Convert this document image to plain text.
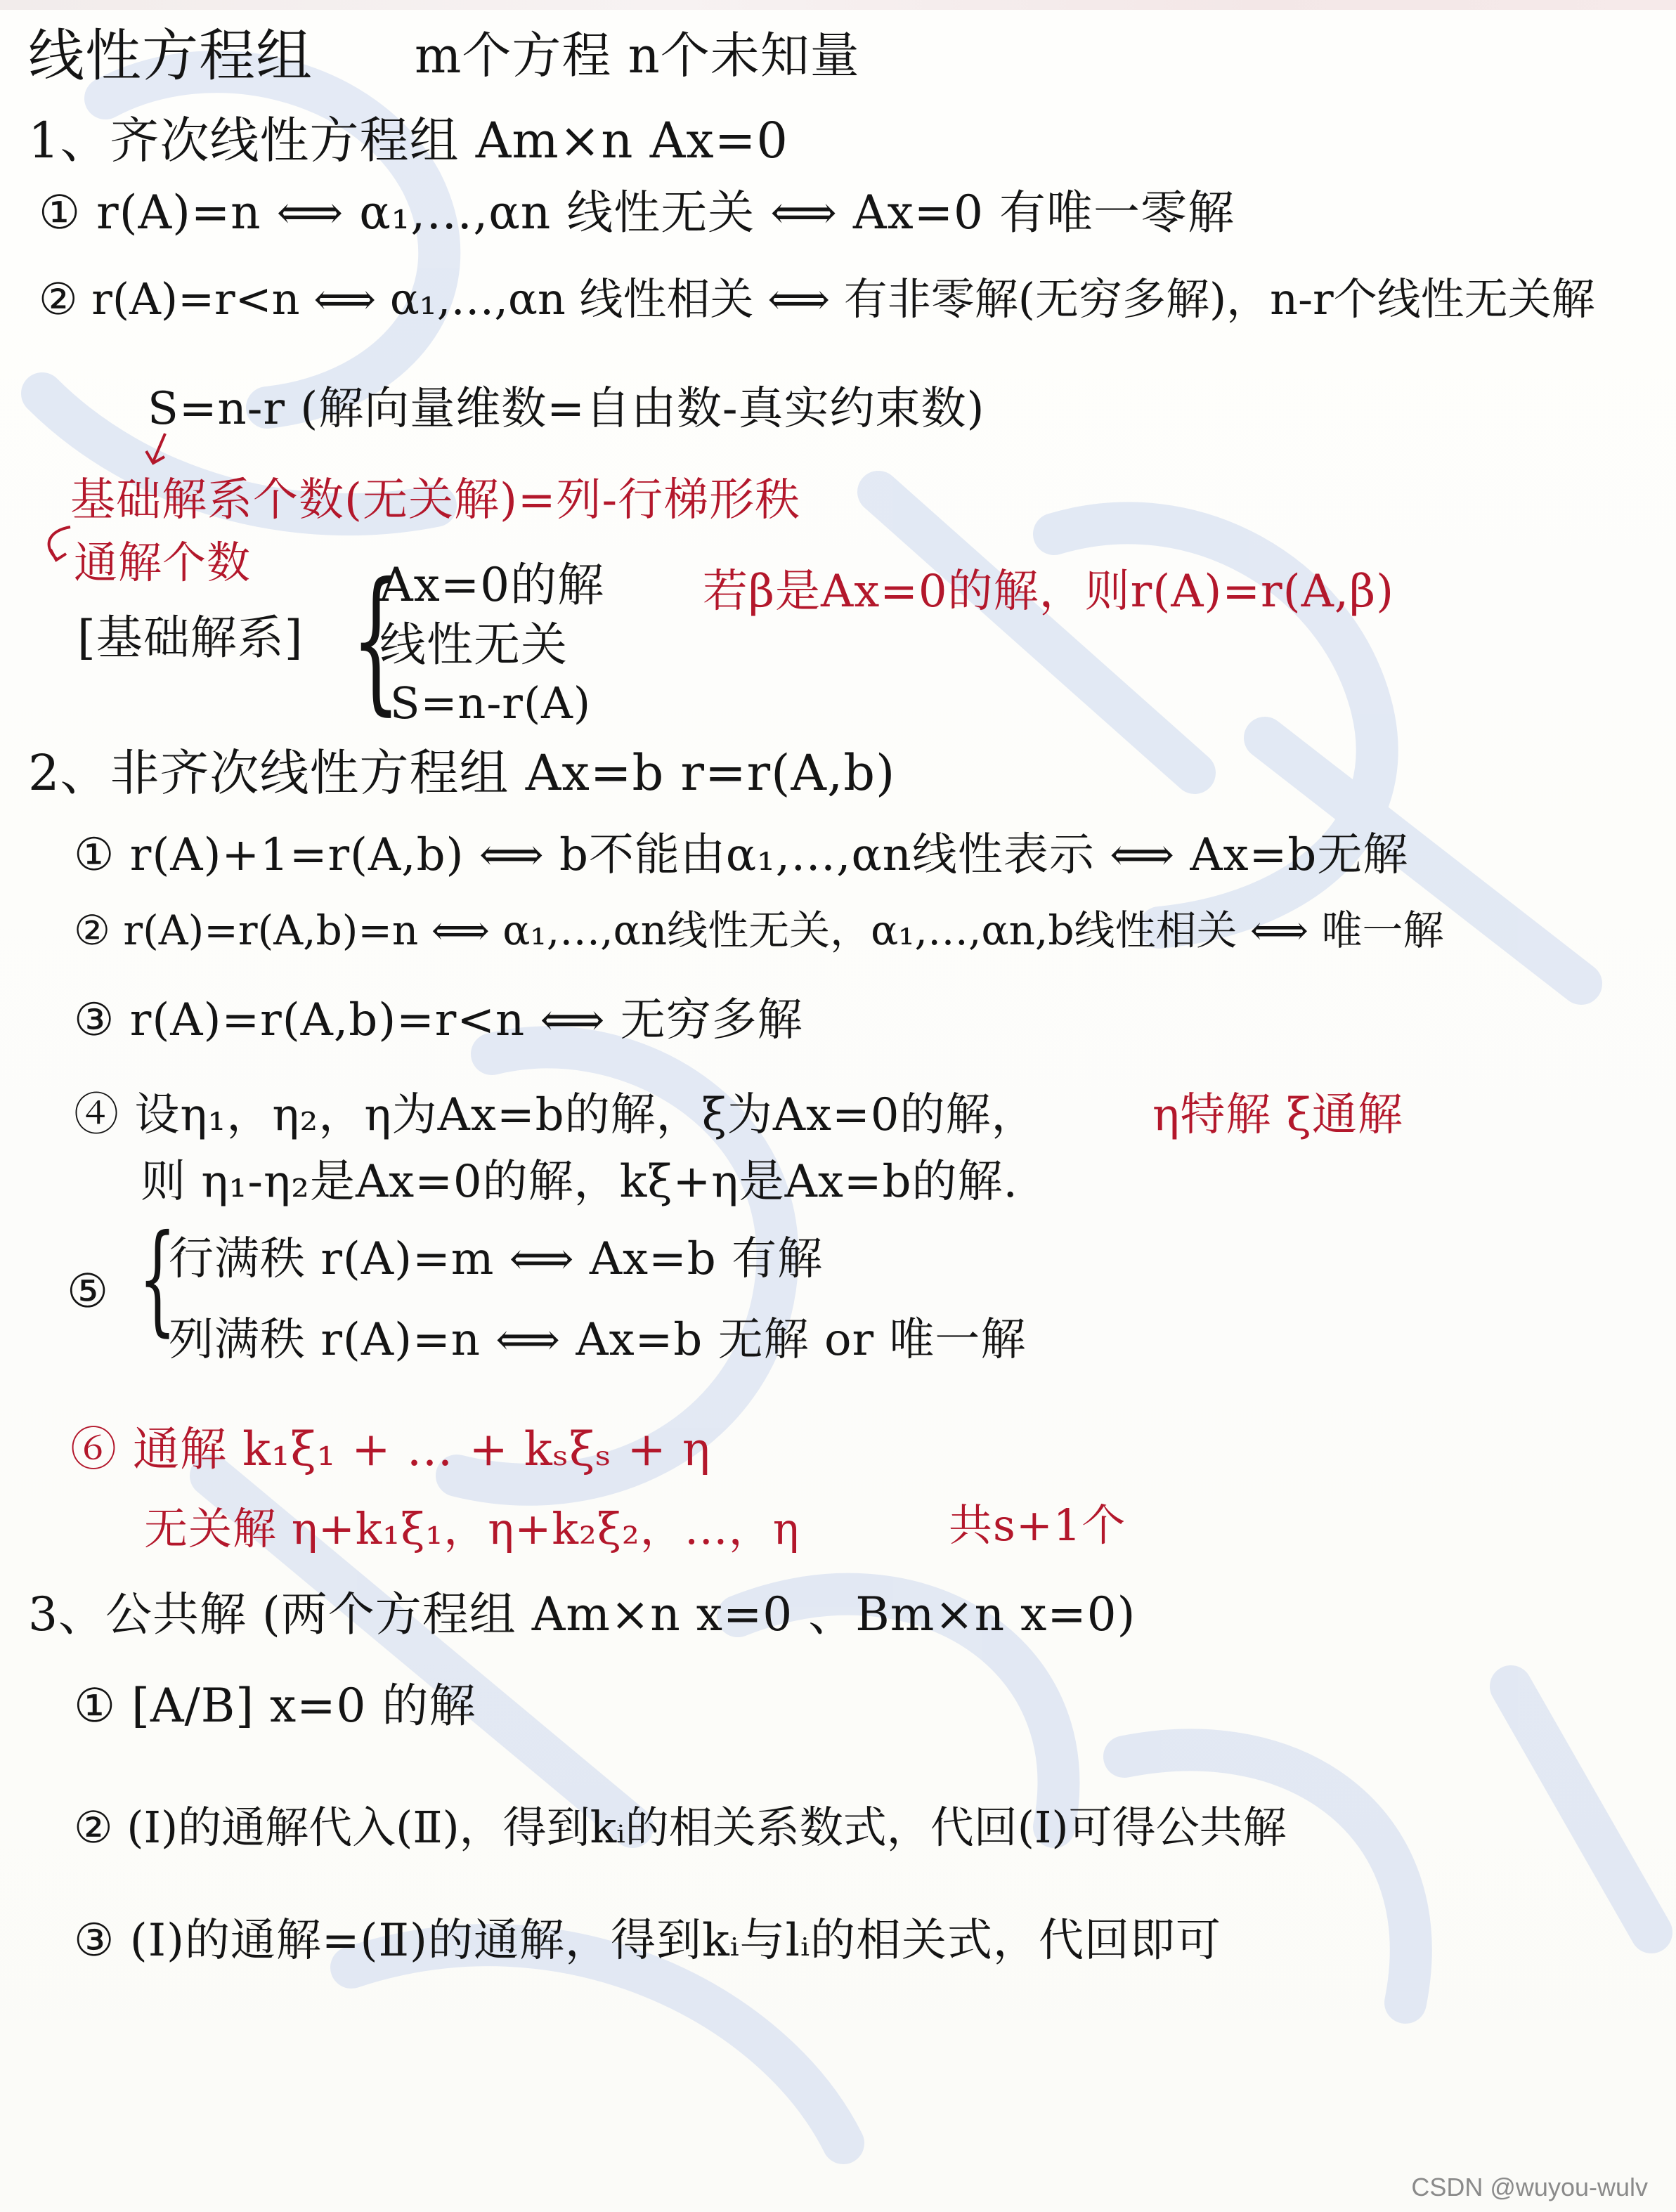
线性方程组 m个方程 n个未知量
1、齐次线性方程组 Am×n Ax=0
① r(A)=n ⟺ α₁,…,αn 线性无关 ⟺ Ax=0 有唯一零解
② r(A)=r<n ⟺ α₁,…,αn 线性相关 ⟺ 有非零解(无穷多解)，n-r个线性无关解
S=n-r (解向量维数=自由数-真实约束数)
基础解系个数(无关解)=列-行梯形秩
通解个数
[基础解系] {
Ax=0的解
线性无关
S=n-r(A)
若β是Ax=0的解，则r(A)=r(A,β)
2、非齐次线性方程组 Ax=b r=r(A,b)
① r(A)+1=r(A,b) ⟺ b不能由α₁,…,αn线性表示 ⟺ Ax=b无解
② r(A)=r(A,b)=n ⟺ α₁,…,αn线性无关，α₁,…,αn,b线性相关 ⟺ 唯一解
③ r(A)=r(A,b)=r<n ⟺ 无穷多解
④ 设η₁，η₂，η为Ax=b的解，ξ为Ax=0的解，	η特解 ξ通解
则 η₁-η₂是Ax=0的解，kξ+η是Ax=b的解.
⑤ {
行满秩 r(A)=m ⟺ Ax=b 有解
列满秩 r(A)=n ⟺ Ax=b 无解 or 唯一解
⑥ 通解 k₁ξ₁ + … + kₛξₛ + η
无关解 η+k₁ξ₁，η+k₂ξ₂，…，η	共s+1个
3、公共解 (两个方程组 Am×n x=0 、Bm×n x=0)
① [A/B] x=0 的解
② (Ⅰ)的通解代入(Ⅱ)，得到kᵢ的相关系数式，代回(Ⅰ)可得公共解
③ (Ⅰ)的通解=(Ⅱ)的通解，得到kᵢ与lᵢ的相关式，代回即可
CSDN @wuyou-wulv
